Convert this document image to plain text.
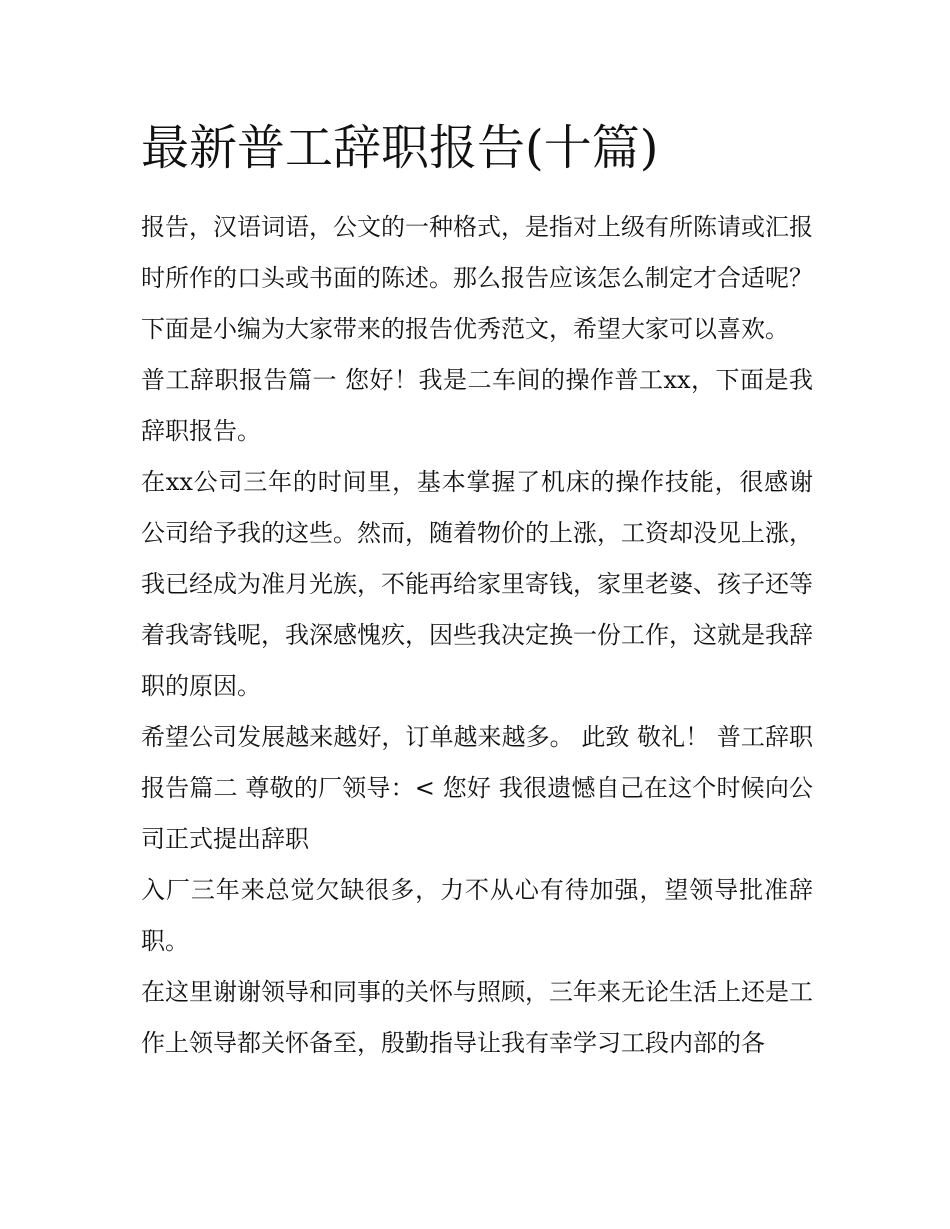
最新普工辞职报告(十篇)

报告，汉语词语，公文的一种格式，是指对上级有所陈请或汇报时所作的口头或书面的陈述。那么报告应该怎么制定才合适呢？下面是小编为大家带来的报告优秀范文，希望大家可以喜欢。

普工辞职报告篇一 您好！我是二车间的操作普工xx，下面是我辞职报告。

在xx公司三年的时间里，基本掌握了机床的操作技能，很感谢公司给予我的这些。然而，随着物价的上涨，工资却没见上涨，我已经成为准月光族，不能再给家里寄钱，家里老婆、孩子还等着我寄钱呢，我深感愧疚，因些我决定换一份工作，这就是我辞职的原因。

希望公司发展越来越好，订单越来越多。 此致 敬礼！ 普工辞职报告篇二 尊敬的厂领导：< 您好 我很遗憾自己在这个时候向公司正式提出辞职

入厂三年来总觉欠缺很多，力不从心有待加强，望领导批准辞职。

在这里谢谢领导和同事的关怀与照顾，三年来无论生活上还是工作上领导都关怀备至，殷勤指导让我有幸学习工段内部的各
